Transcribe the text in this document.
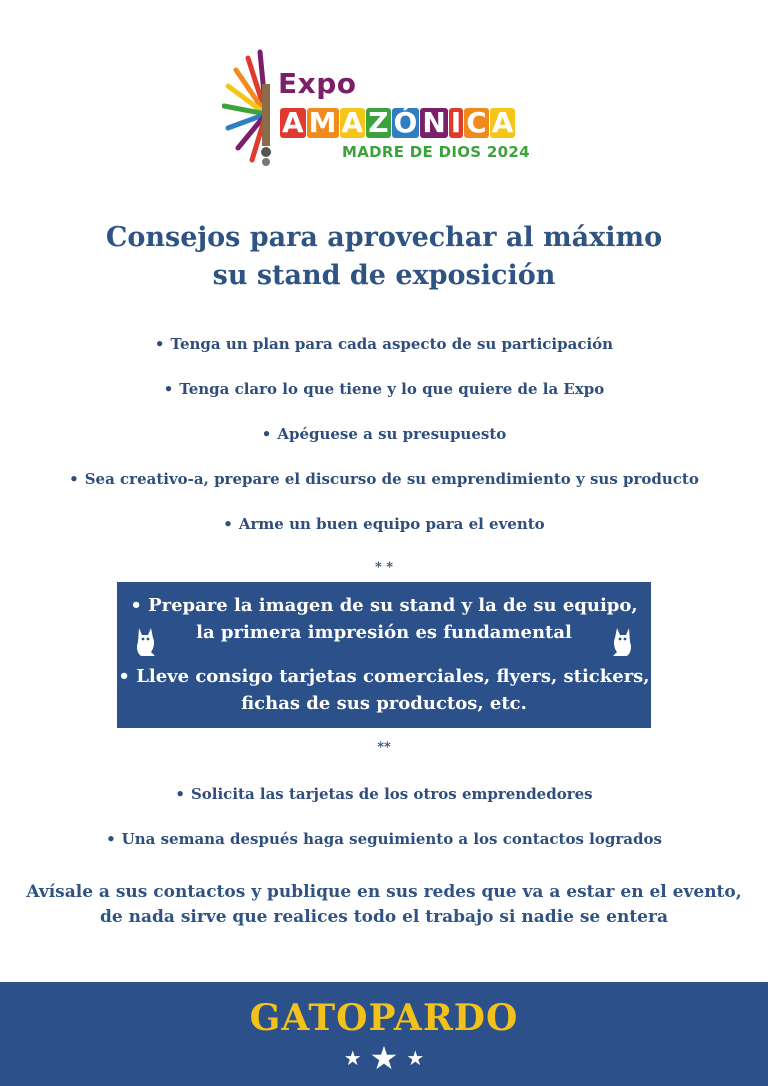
Expo
A M A Z Ó N I C A
MADRE DE DIOS 2024
Consejos para aprovechar al máximo
su stand de exposición
• Tenga un plan para cada aspecto de su participación
• Tenga claro lo que tiene y lo que quiere de la Expo
• Apéguese a su presupuesto
• Sea creativo-a, prepare el discurso de su emprendimiento y sus producto
• Arme un buen equipo para el evento
* *
• Prepare la imagen de su stand y la de su equipo,
la primera impresión es fundamental
• Lleve consigo tarjetas comerciales, flyers, stickers,
fichas de sus productos, etc.
**
• Solicita las tarjetas de los otros emprendedores
• Una semana después haga seguimiento a los contactos logrados
Avísale a sus contactos y publique en sus redes que va a estar en el evento,
de nada sirve que realices todo el trabajo si nadie se entera
GATOPARDO
★ ★ ★
